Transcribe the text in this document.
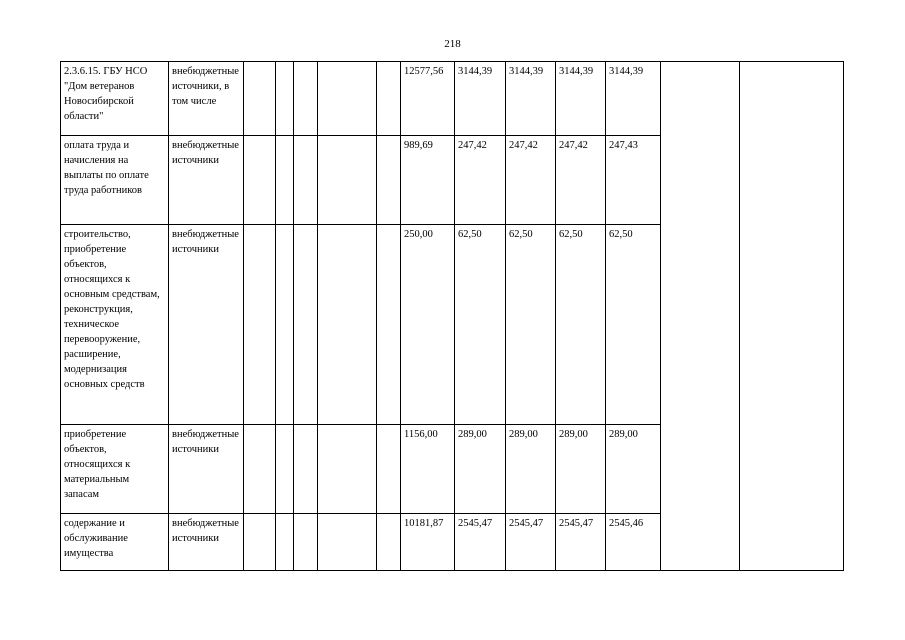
218
2.3.6.15. ГБУ НСО "Дом ветеранов Новосибирской области"	внебюджетные источники, в том числе						12577,56	3144,39	3144,39	3144,39	3144,39		
оплата труда и начисления на выплаты по оплате труда работников	внебюджетные источники						989,69	247,42	247,42	247,42	247,43		
строительство, приобретение объектов, относящихся к основным средствам, реконструкция, техническое перевооружение, расширение, модернизация основных средств	внебюджетные источники						250,00	62,50	62,50	62,50	62,50		
приобретение объектов, относящихся к материальным запасам	внебюджетные источники						1156,00	289,00	289,00	289,00	289,00		
содержание и обслуживание имущества	внебюджетные источники						10181,87	2545,47	2545,47	2545,47	2545,46		
